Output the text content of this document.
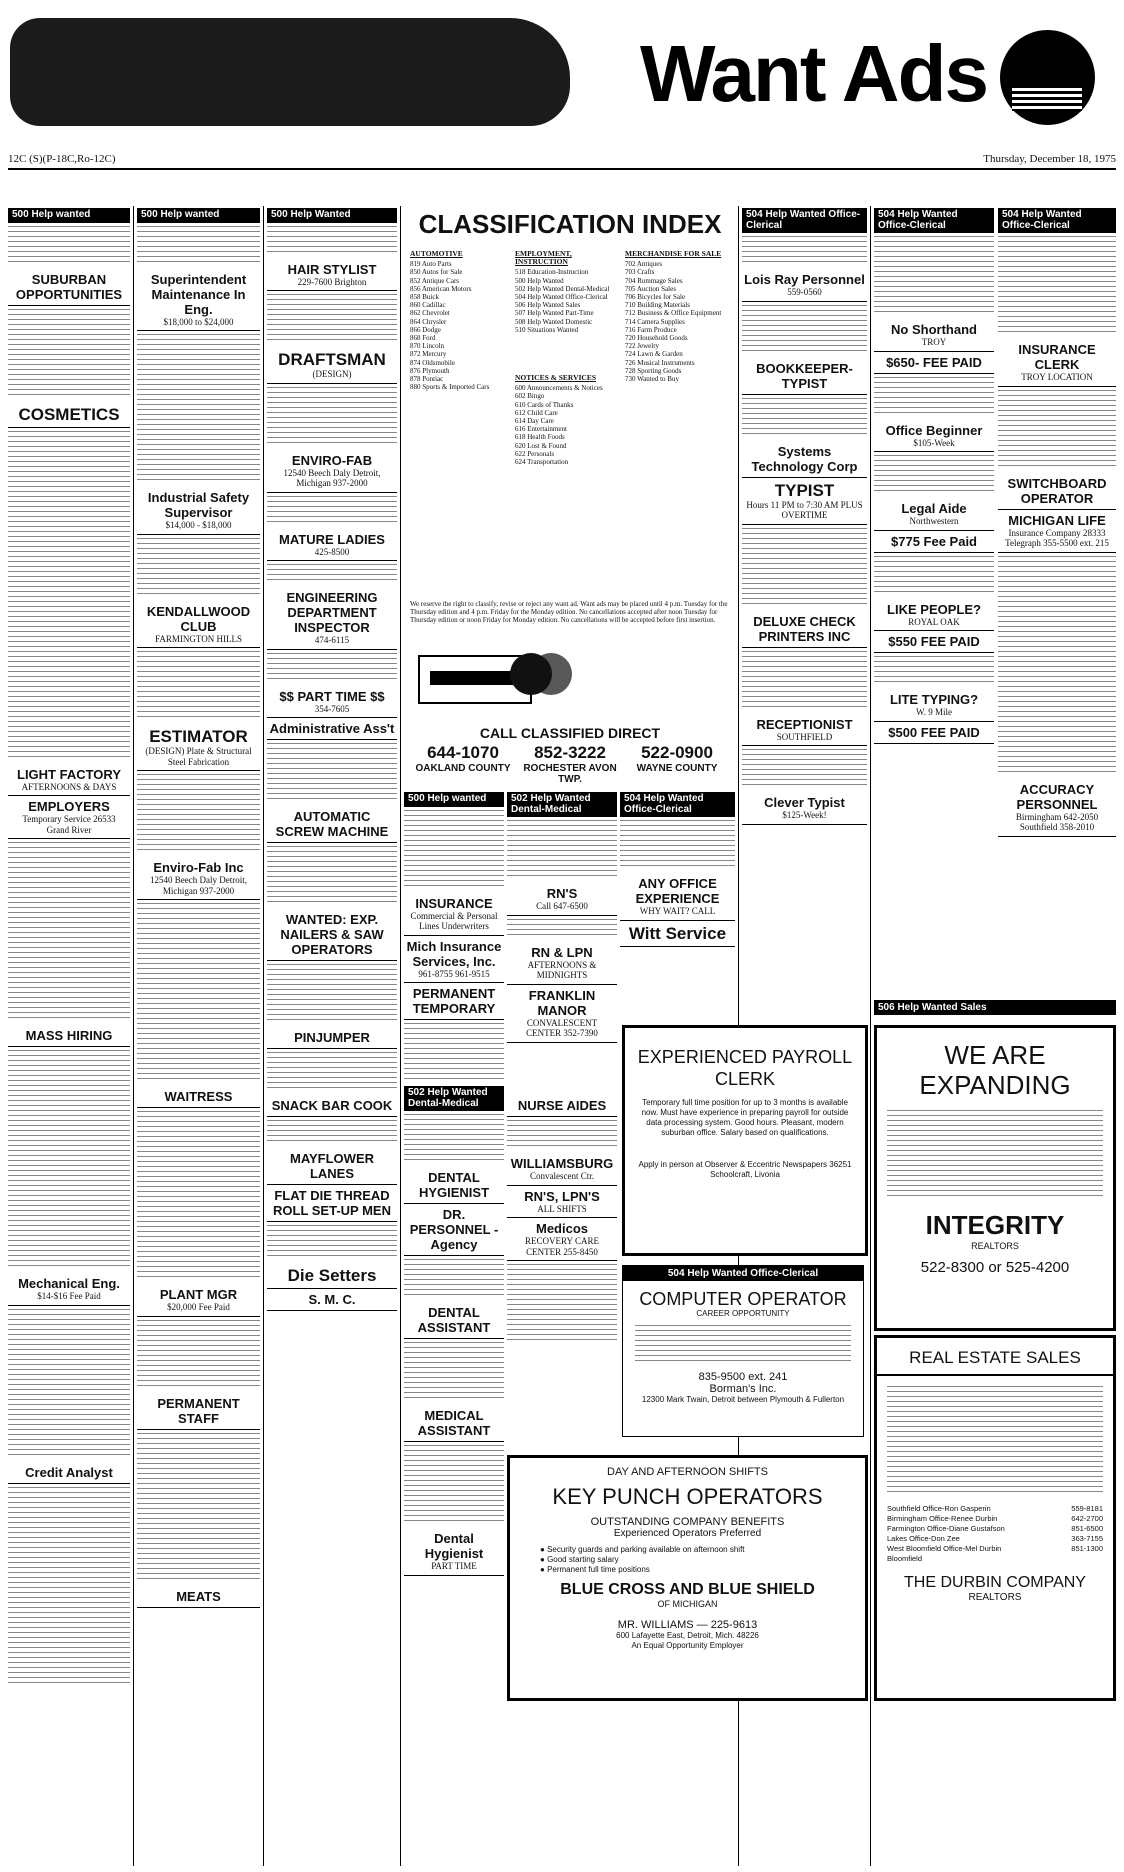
Want Ads
12C (S)(P-18C,Ro-12C)	Thursday, December 18, 1975
500 Help wanted
SUBURBAN OPPORTUNITIES
COSMETICS
LIGHT FACTORY
AFTERNOONS & DAYS
EMPLOYERS
Temporary Service 26533 Grand River
MASS HIRING
Mechanical Eng.
$14-$16 Fee Paid
Credit Analyst
500 Help wanted
Superintendent Maintenance In Eng.
$18,000 to $24,000
Industrial Safety Supervisor
$14,000 - $18,000
KENDALLWOOD CLUB
FARMINGTON HILLS
ESTIMATOR
(DESIGN) Plate & Structural Steel Fabrication
Enviro-Fab Inc
12540 Beech Daly Detroit, Michigan 937-2000
WAITRESS
PLANT MGR
$20,000 Fee Paid
PERMANENT STAFF
MEATS
500 Help Wanted
HAIR STYLIST
229-7600 Brighton
DRAFTSMAN
(DESIGN)
ENVIRO-FAB
12540 Beech Daly Detroit, Michigan 937-2000
MATURE LADIES
425-8500
ENGINEERING DEPARTMENT INSPECTOR
474-6115
$$ PART TIME $$
354-7605
Administrative Ass't
AUTOMATIC SCREW MACHINE
WANTED: EXP. NAILERS & SAW OPERATORS
PINJUMPER
SNACK BAR COOK
MAYFLOWER LANES
FLAT DIE THREAD ROLL SET-UP MEN
Die Setters
S. M. C.
CLASSIFICATION INDEX
AUTOMOTIVE
819 Auto Parts
850 Autos for Sale
852 Antique Cars
856 American Motors
858 Buick
860 Cadillac
862 Chevrolet
864 Chrysler
866 Dodge
868 Ford
870 Lincoln
872 Mercury
874 Oldsmobile
876 Plymouth
878 Pontiac
880 Sports & Imported Cars
EMPLOYMENT, INSTRUCTION
518 Education-Instruction
500 Help Wanted
502 Help Wanted Dental-Medical
504 Help Wanted Office-Clerical
506 Help Wanted Sales
507 Help Wanted Part-Time
508 Help Wanted Domestic
510 Situations Wanted
NOTICES & SERVICES
600 Announcements & Notices
602 Bingo
610 Cards of Thanks
612 Child Care
614 Day Care
616 Entertainment
618 Health Foods
620 Lost & Found
622 Personals
624 Transportation
MERCHANDISE FOR SALE
702 Antiques
703 Crafts
704 Rummage Sales
705 Auction Sales
706 Bicycles for Sale
710 Building Materials
712 Business & Office Equipment
714 Camera Supplies
716 Farm Produce
720 Household Goods
722 Jewelry
724 Lawn & Garden
726 Musical Instruments
728 Sporting Goods
730 Wanted to Buy
We reserve the right to classify, revise or reject any want ad. Want ads may be placed until 4 p.m. Tuesday for the Thursday edition and 4 p.m. Friday for the Monday edition. No cancellations accepted after noon Tuesday for Thursday edition or noon Friday for Monday edition. No cancellations will be accepted before first insertion.
CALL CLASSIFIED DIRECT
644-1070
OAKLAND COUNTY
852-3222
ROCHESTER AVON TWP.
522-0900
WAYNE COUNTY
500 Help wanted
INSURANCE
Commercial & Personal Lines Underwriters
Mich Insurance Services, Inc.
961-8755 961-9515
PERMANENT TEMPORARY
502 Help Wanted Dental-Medical
DENTAL HYGIENIST
DR. PERSONNEL - Agency
DENTAL ASSISTANT
MEDICAL ASSISTANT
Dental Hygienist
PART TIME
502 Help Wanted Dental-Medical
RN'S
Call 647-6500
RN & LPN
AFTERNOONS & MIDNIGHTS
FRANKLIN MANOR
CONVALESCENT CENTER 352-7390
504 Help Wanted Office-Clerical
ANY OFFICE EXPERIENCE
WHY WAIT? CALL
Witt Service
EXPERIENCED PAYROLL CLERK
Temporary full time position for up to 3 months is available now. Must have experience in preparing payroll for outside data processing system. Good hours. Pleasant, modern suburban office. Salary based on qualifications.
Apply in person at Observer & Eccentric Newspapers 36251 Schoolcraft, Livonia
NURSE AIDES
WILLIAMSBURG
Convalescent Ctr.
RN'S, LPN'S
ALL SHIFTS
Medicos
RECOVERY CARE CENTER 255-8450
504 Help Wanted Office-Clerical
COMPUTER OPERATOR
CAREER OPPORTUNITY
835-9500 ext. 241
Borman's Inc.
12300 Mark Twain, Detroit between Plymouth & Fullerton
DAY AND AFTERNOON SHIFTS
KEY PUNCH OPERATORS
OUTSTANDING COMPANY BENEFITS
Experienced Operators Preferred
● Security guards and parking available on afternoon shift
● Good starting salary
● Permanent full time positions
BLUE CROSS AND BLUE SHIELD
OF MICHIGAN
MR. WILLIAMS — 225-9613
600 Lafayette East, Detroit, Mich. 48226
An Equal Opportunity Employer
504 Help Wanted Office-Clerical
Lois Ray Personnel
559-0560
BOOKKEEPER-TYPIST
Systems Technology Corp
TYPIST
Hours 11 PM to 7:30 AM PLUS OVERTIME
DELUXE CHECK PRINTERS INC
RECEPTIONIST
SOUTHFIELD
Clever Typist
$125-Week!
504 Help Wanted Office-Clerical
No Shorthand
TROY
$650- FEE PAID
Office Beginner
$105-Week
Legal Aide
Northwestern
$775 Fee Paid
LIKE PEOPLE?
ROYAL OAK
$550 FEE PAID
LITE TYPING?
W. 9 Mile
$500 FEE PAID
504 Help Wanted Office-Clerical
INSURANCE CLERK
TROY LOCATION
SWITCHBOARD OPERATOR
MICHIGAN LIFE
Insurance Company 28333 Telegraph 355-5500 ext. 215
ACCURACY PERSONNEL
Birmingham 642-2050 Southfield 358-2010
506 Help Wanted Sales
WE ARE EXPANDING
INTEGRITY
REALTORS
522-8300 or 525-4200
REAL ESTATE SALES
Southfield Office-Ron Gasperin	559-8181
Birmingham Office-Renee Durbin	642-2700
Farmington Office-Diane Gustafson	851-6500
Lakes Office-Don Zee	363-7155
West Bloomfield Office-Mel Durbin	851-1300
Bloomfield
THE DURBIN COMPANY
REALTORS
